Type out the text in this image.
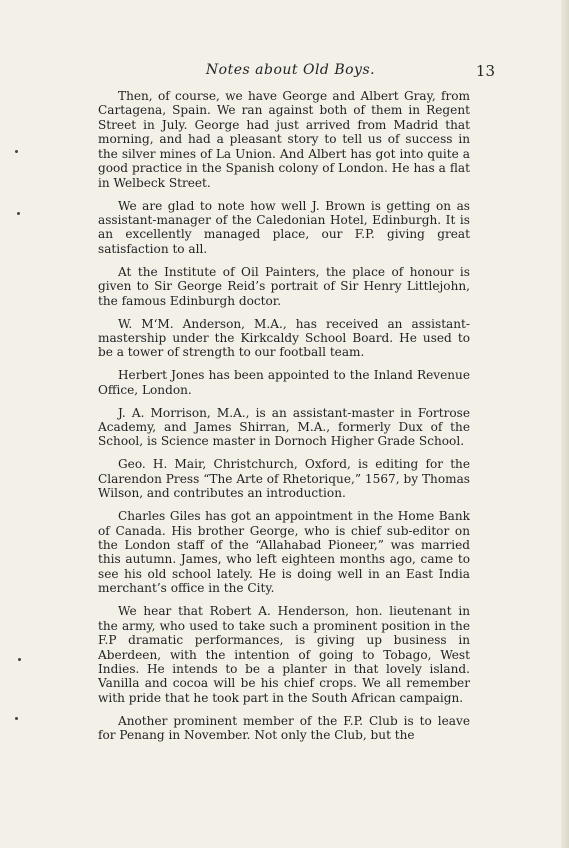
Notes about Old Boys.	13

Then, of course, we have George and Albert Gray, from Cartagena, Spain. We ran against both of them in Regent Street in July. George had just arrived from Madrid that morning, and had a pleasant story to tell us of success in the silver mines of La Union. And Albert has got into quite a good practice in the Spanish colony of London. He has a flat in Welbeck Street.

We are glad to note how well J. Brown is getting on as assistant-manager of the Caledonian Hotel, Edinburgh. It is an excellently managed place, our F.P. giving great satisfaction to all.

At the Institute of Oil Painters, the place of honour is given to Sir George Reid’s portrait of Sir Henry Littlejohn, the famous Edinburgh doctor.

W. M‘M. Anderson, M.A., has received an assistant-mastership under the Kirkcaldy School Board. He used to be a tower of strength to our football team.

Herbert Jones has been appointed to the Inland Revenue Office, London.

J. A. Morrison, M.A., is an assistant-master in Fortrose Academy, and James Shirran, M.A., formerly Dux of the School, is Science master in Dornoch Higher Grade School.

Geo. H. Mair, Christchurch, Oxford, is editing for the Clarendon Press “The Arte of Rhetorique,” 1567, by Thomas Wilson, and contributes an introduction.

Charles Giles has got an appointment in the Home Bank of Canada. His brother George, who is chief sub-editor on the London staff of the “Allahabad Pioneer,” was married this autumn. James, who left eighteen months ago, came to see his old school lately. He is doing well in an East India merchant’s office in the City.

We hear that Robert A. Henderson, hon. lieutenant in the army, who used to take such a prominent position in the F.P dramatic performances, is giving up business in Aberdeen, with the intention of going to Tobago, West Indies. He intends to be a planter in that lovely island. Vanilla and cocoa will be his chief crops. We all remember with pride that he took part in the South African campaign.

Another prominent member of the F.P. Club is to leave for Penang in November. Not only the Club, but the
